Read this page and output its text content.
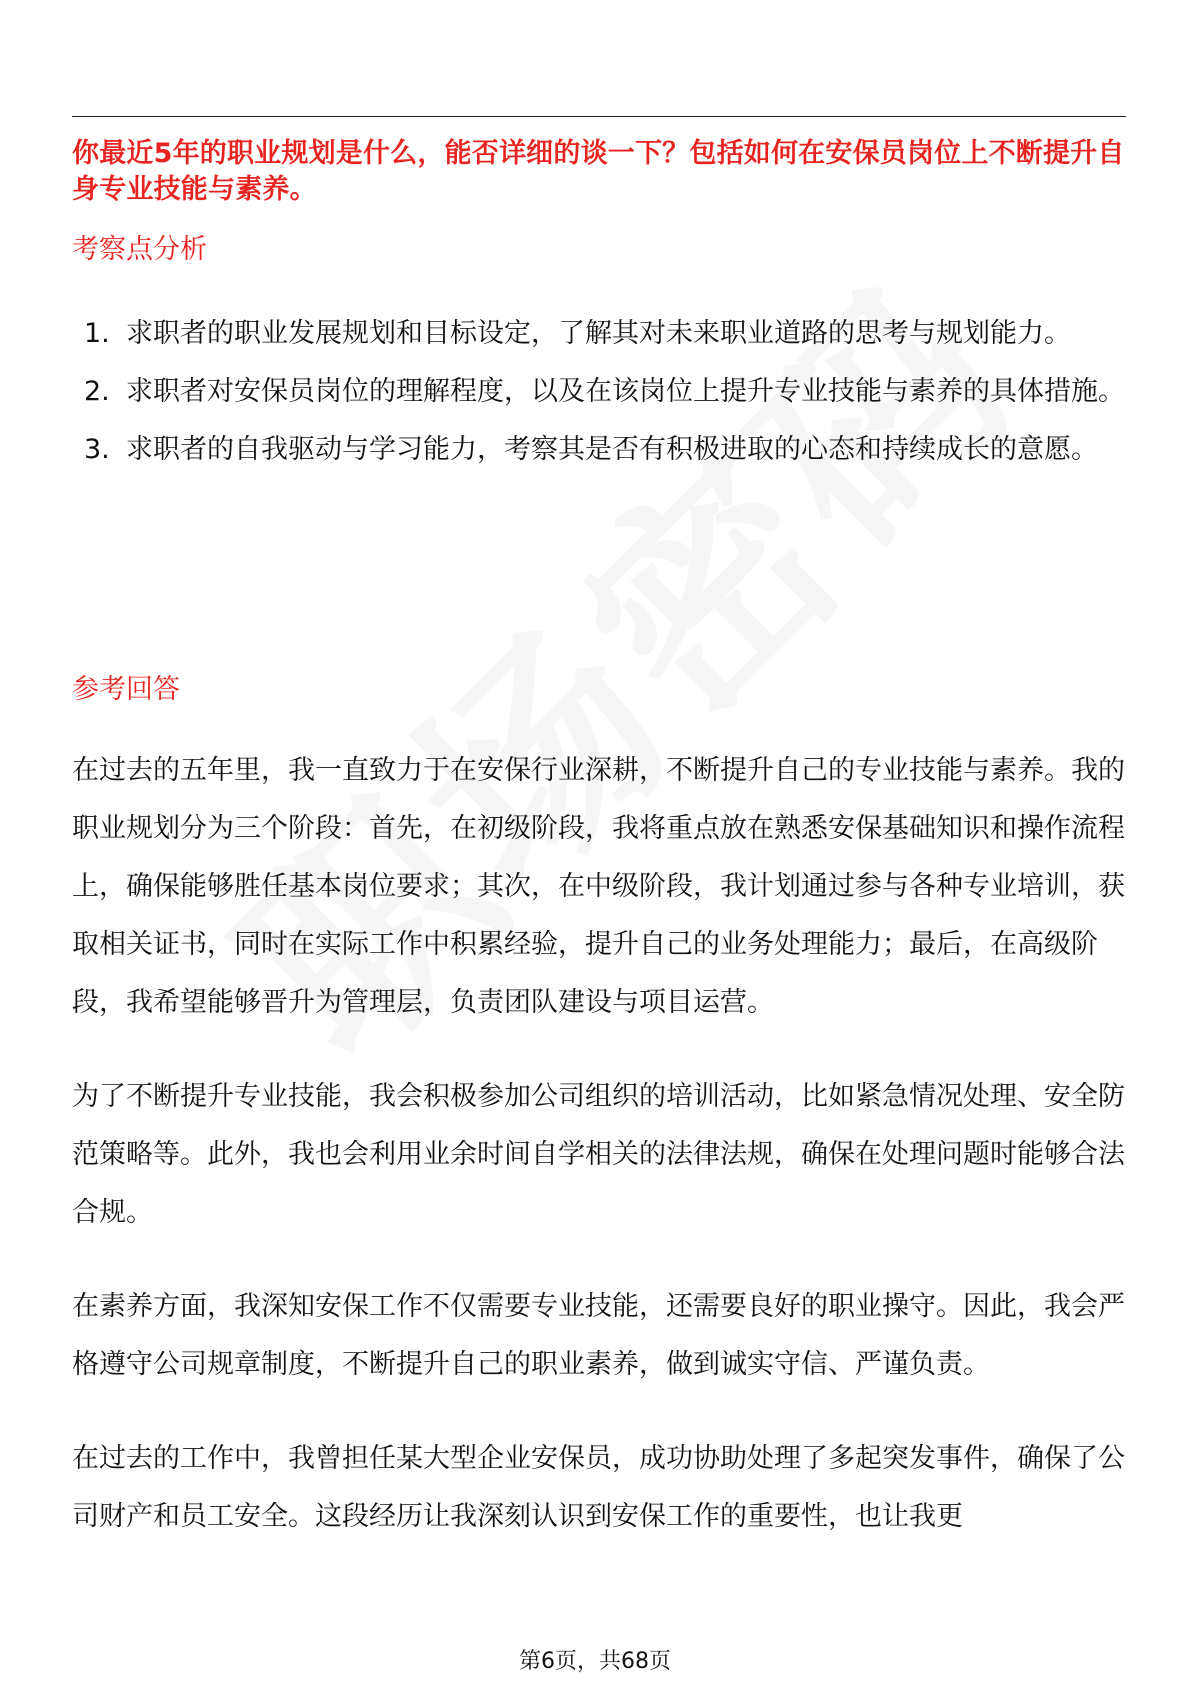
你最近5年的职业规划是什么，能否详细的谈一下？包括如何在安保员岗位上不断提升自身专业技能与素养。

考察点分析
1. 求职者的职业发展规划和目标设定，了解其对未来职业道路的思考与规划能力。
2. 求职者对安保员岗位的理解程度，以及在该岗位上提升专业技能与素养的具体措施。
3. 求职者的自我驱动与学习能力，考察其是否有积极进取的心态和持续成长的意愿。
参考回答

在过去的五年里，我一直致力于在安保行业深耕，不断提升自己的专业技能与素养。我的职业规划分为三个阶段：首先，在初级阶段，我将重点放在熟悉安保基础知识和操作流程上，确保能够胜任基本岗位要求；其次，在中级阶段，我计划通过参与各种专业培训，获取相关证书，同时在实际工作中积累经验，提升自己的业务处理能力；最后，在高级阶段，我希望能够晋升为管理层，负责团队建设与项目运营。

为了不断提升专业技能，我会积极参加公司组织的培训活动，比如紧急情况处理、安全防范策略等。此外，我也会利用业余时间自学相关的法律法规，确保在处理问题时能够合法合规。

在素养方面，我深知安保工作不仅需要专业技能，还需要良好的职业操守。因此，我会严格遵守公司规章制度，不断提升自己的职业素养，做到诚实守信、严谨负责。

在过去的工作中，我曾担任某大型企业安保员，成功协助处理了多起突发事件，确保了公司财产和员工安全。这段经历让我深刻认识到安保工作的重要性，也让我更

第6页，共68页
